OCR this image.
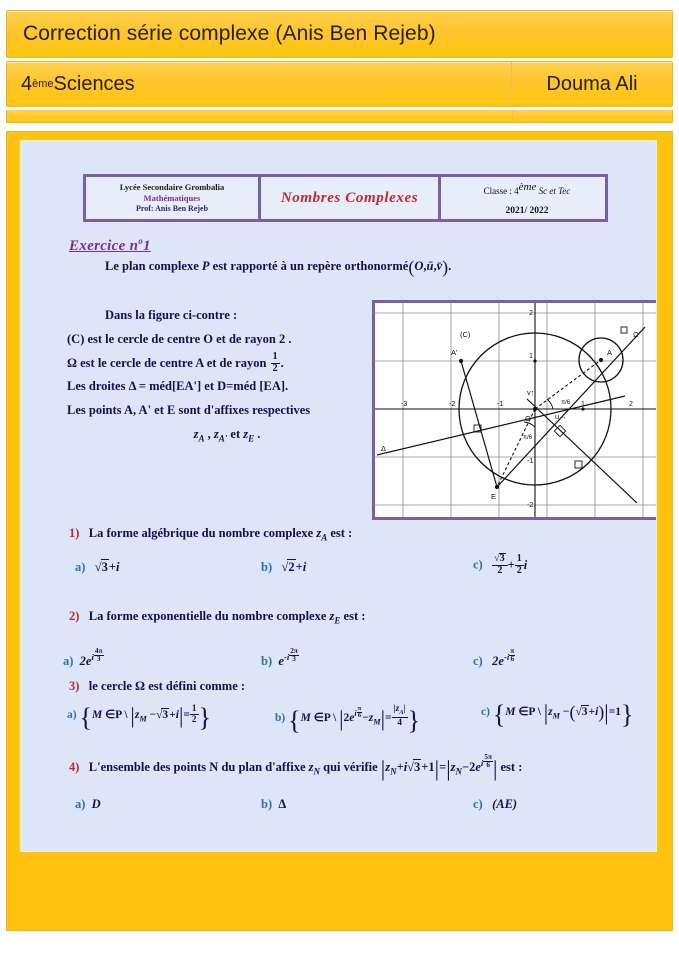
Correction série complexe (Anis Ben Rejeb)
4 ème Sciences	Douma Ali
Lycée Secondaire Grombalia
Mathématiques
Prof: Anis Ben Rejeb
Nombres Complexes	Classe : 4ème Sc et Tec
2021/ 2022
Exercice $n^o1$
Le plan complexe P est rapporté à un repère orthonormé(O,ū,v̄).
Dans la figure ci-contre :
(C) est le cercle de centre O et de rayon 2 .
Ω est le cercle de centre A et de rayon $\frac{1}{2}$ .
Les droites Δ = méd[EA'] et D=méd [EA].
Les points A, A' et E sont d'affixes respectives
$z_A$ , $z_{A'}$ et $z_E$ .
(C)	Ω
A
A'
E
O	u→
v↑
Δ
π/6
π/6
-3	-2	-1	1	2
1
2
-1
-2
1) La forme algébrique du nombre complexe $z_A$ est :
a) √3+i	b) √2+i	$c) \frac{√3}{2} + \frac{1}{2}$ i
2) La forme exponentielle du nombre complexe $z_E$ est :
a) $2e^i \frac{4\pi}{3}$	b) $e^{-i} \frac{2\pi}{3}$	c) $2e^{-i} \frac{\pi}{6}$
3) le cercle Ω est défini comme :
a) {M ∈P \ $|z_M -√3+i|= \frac{1}{2}$ }	b) {M ∈P \ $|2e^i \frac{\pi}{6} -z_M|= \frac{|z_A|}{4}$ }	c) {M ∈P \ $|z_M -(√3+i)|=1$}
4) L'ensemble des points N du plan d'affixe $z_N$ qui vérifie $|z_N+i√3+1|=|z_N-2e^i \frac{5\pi}{6}$ | est :
a) D	b) Δ	c) (AE)
